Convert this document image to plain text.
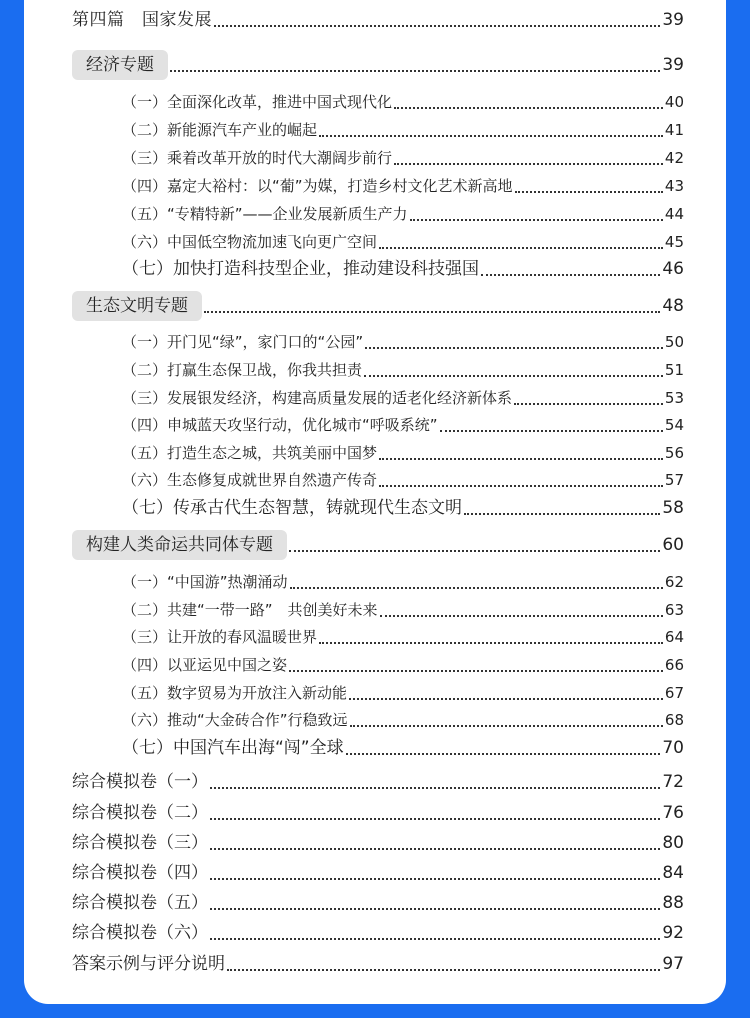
第四篇　国家发展	39
经济专题	39
（一）全面深化改革，推进中国式现代化	40
（二）新能源汽车产业的崛起	41
（三）乘着改革开放的时代大潮阔步前行	42
（四）嘉定大裕村：以“葡”为媒，打造乡村文化艺术新高地	43
（五）“专精特新”——企业发展新质生产力	44
（六）中国低空物流加速飞向更广空间	45
（七）加快打造科技型企业，推动建设科技强国	46
生态文明专题	48
（一）开门见“绿”，家门口的“公园”	50
（二）打赢生态保卫战，你我共担责	51
（三）发展银发经济，构建高质量发展的适老化经济新体系	53
（四）申城蓝天攻坚行动，优化城市“呼吸系统”	54
（五）打造生态之城，共筑美丽中国梦	56
（六）生态修复成就世界自然遗产传奇	57
（七）传承古代生态智慧，铸就现代生态文明	58
构建人类命运共同体专题	60
（一）“中国游”热潮涌动	62
（二）共建“一带一路”　共创美好未来	63
（三）让开放的春风温暖世界	64
（四）以亚运见中国之姿	66
（五）数字贸易为开放注入新动能	67
（六）推动“大金砖合作”行稳致远	68
（七）中国汽车出海“闯”全球	70
综合模拟卷（一）	72
综合模拟卷（二）	76
综合模拟卷（三）	80
综合模拟卷（四）	84
综合模拟卷（五）	88
综合模拟卷（六）	92
答案示例与评分说明	97
